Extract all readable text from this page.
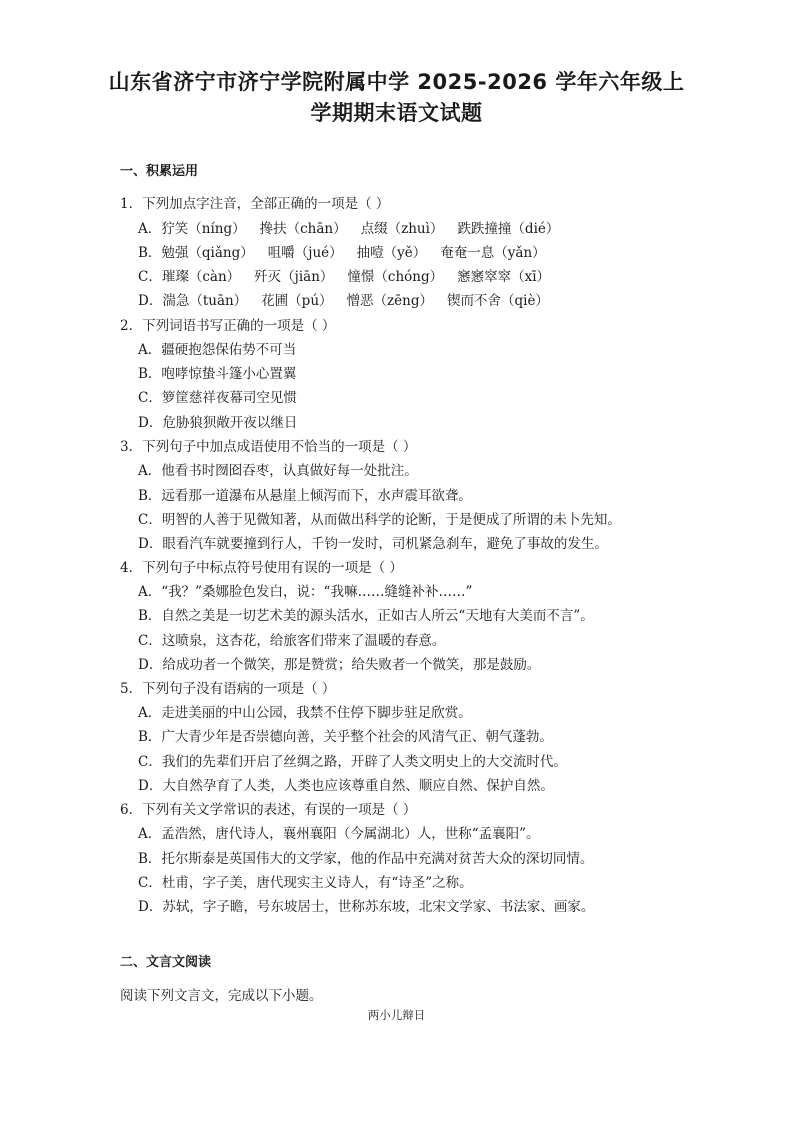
山东省济宁市济宁学院附属中学 2025-2026 学年六年级上
学期期末语文试题
一、积累运用
1．下列加点字注音，全部正确的一项是（ ）
A．狞笑（níng） 搀扶（chān） 点缀（zhuì） 跌跌撞撞（dié）
B．勉强（qiǎng） 咀嚼（jué） 抽噎（yě） 奄奄一息（yǎn）
C．璀璨（càn） 歼灭（jiān） 憧憬（chóng） 窸窸窣窣（xī）
D．湍急（tuān） 花圃（pú） 憎恶（zēng） 锲而不舍（qiè）
2．下列词语书写正确的一项是（ ）
A．疆硬抱怨保佑势不可当
B．咆哮惊蛰斗篷小心置翼
C．箩筐慈祥夜幕司空见惯
D．危胁狼狈敞开夜以继日
3．下列句子中加点成语使用不恰当的一项是（ ）
A．他看书时囫囵吞枣，认真做好每一处批注。
B．远看那一道瀑布从悬崖上倾泻而下，水声震耳欲聋。
C．明智的人善于见微知著，从而做出科学的论断，于是便成了所谓的未卜先知。
D．眼看汽车就要撞到行人，千钧一发时，司机紧急刹车，避免了事故的发生。
4．下列句子中标点符号使用有误的一项是（ ）
A．“我？”桑娜脸色发白，说：“我嘛……缝缝补补……”
B．自然之美是一切艺术美的源头活水，正如古人所云“天地有大美而不言”。
C．这喷泉，这杏花，给旅客们带来了温暖的春意。
D．给成功者一个微笑，那是赞赏；给失败者一个微笑，那是鼓励。
5．下列句子没有语病的一项是（ ）
A．走进美丽的中山公园，我禁不住停下脚步驻足欣赏。
B．广大青少年是否崇德向善，关乎整个社会的风清气正、朝气蓬勃。
C．我们的先辈们开启了丝绸之路，开辟了人类文明史上的大交流时代。
D．大自然孕育了人类，人类也应该尊重自然、顺应自然、保护自然。
6．下列有关文学常识的表述，有误的一项是（ ）
A．孟浩然，唐代诗人，襄州襄阳（今属湖北）人，世称“孟襄阳”。
B．托尔斯泰是英国伟大的文学家，他的作品中充满对贫苦大众的深切同情。
C．杜甫，字子美，唐代现实主义诗人，有“诗圣”之称。
D．苏轼，字子瞻，号东坡居士，世称苏东坡，北宋文学家、书法家、画家。
二、文言文阅读
阅读下列文言文，完成以下小题。
两小儿辩日
